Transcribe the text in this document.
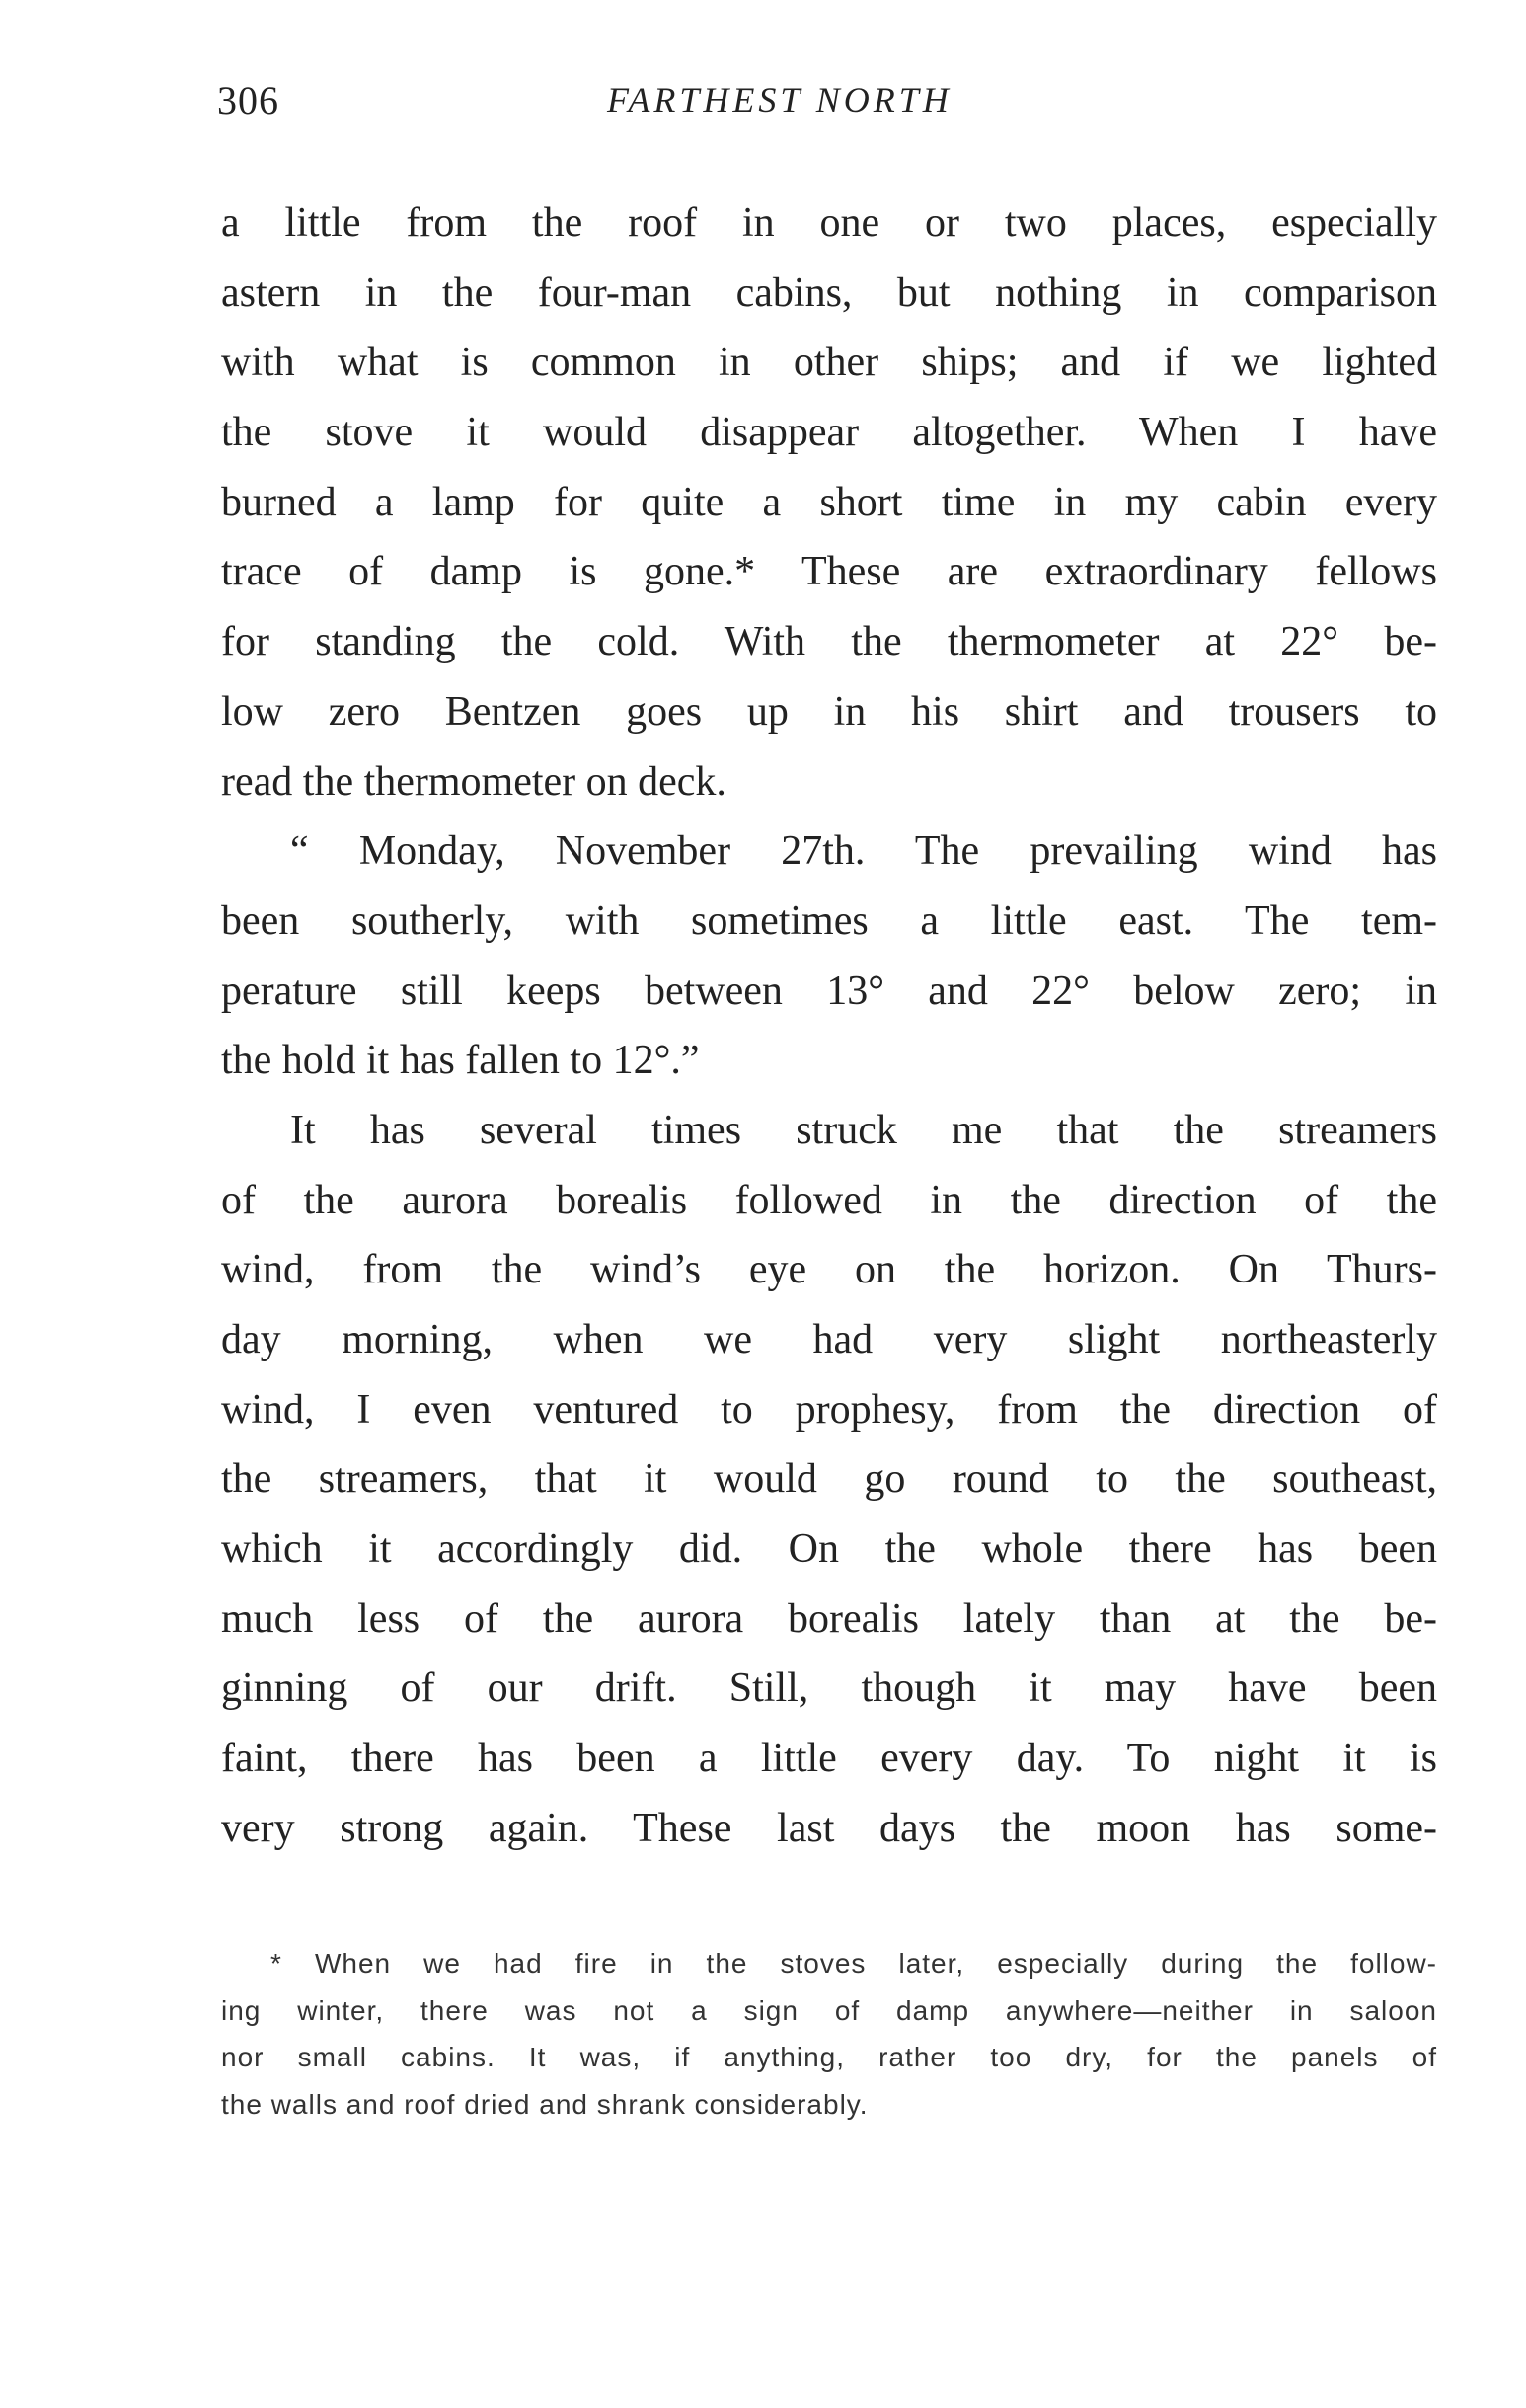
306	FARTHEST NORTH
a little from the roof in one or two places, especially
astern in the four-man cabins, but nothing in comparison
with what is common in other ships; and if we lighted
the stove it would disappear altogether. When I have
burned a lamp for quite a short time in my cabin every
trace of damp is gone.* These are extraordinary fellows
for standing the cold. With the thermometer at 22° be-
low zero Bentzen goes up in his shirt and trousers to
read the thermometer on deck.
“ Monday, November 27th. The prevailing wind has
been southerly, with sometimes a little east. The tem-
perature still keeps between 13° and 22° below zero; in
the hold it has fallen to 12°.”
It has several times struck me that the streamers
of the aurora borealis followed in the direction of the
wind, from the wind’s eye on the horizon. On Thurs-
day morning, when we had very slight northeasterly
wind, I even ventured to prophesy, from the direction of
the streamers, that it would go round to the southeast,
which it accordingly did. On the whole there has been
much less of the aurora borealis lately than at the be-
ginning of our drift. Still, though it may have been
faint, there has been a little every day. To night it is
very strong again. These last days the moon has some-
* When we had fire in the stoves later, especially during the follow-
ing winter, there was not a sign of damp anywhere—neither in saloon
nor small cabins. It was, if anything, rather too dry, for the panels of
the walls and roof dried and shrank considerably.
